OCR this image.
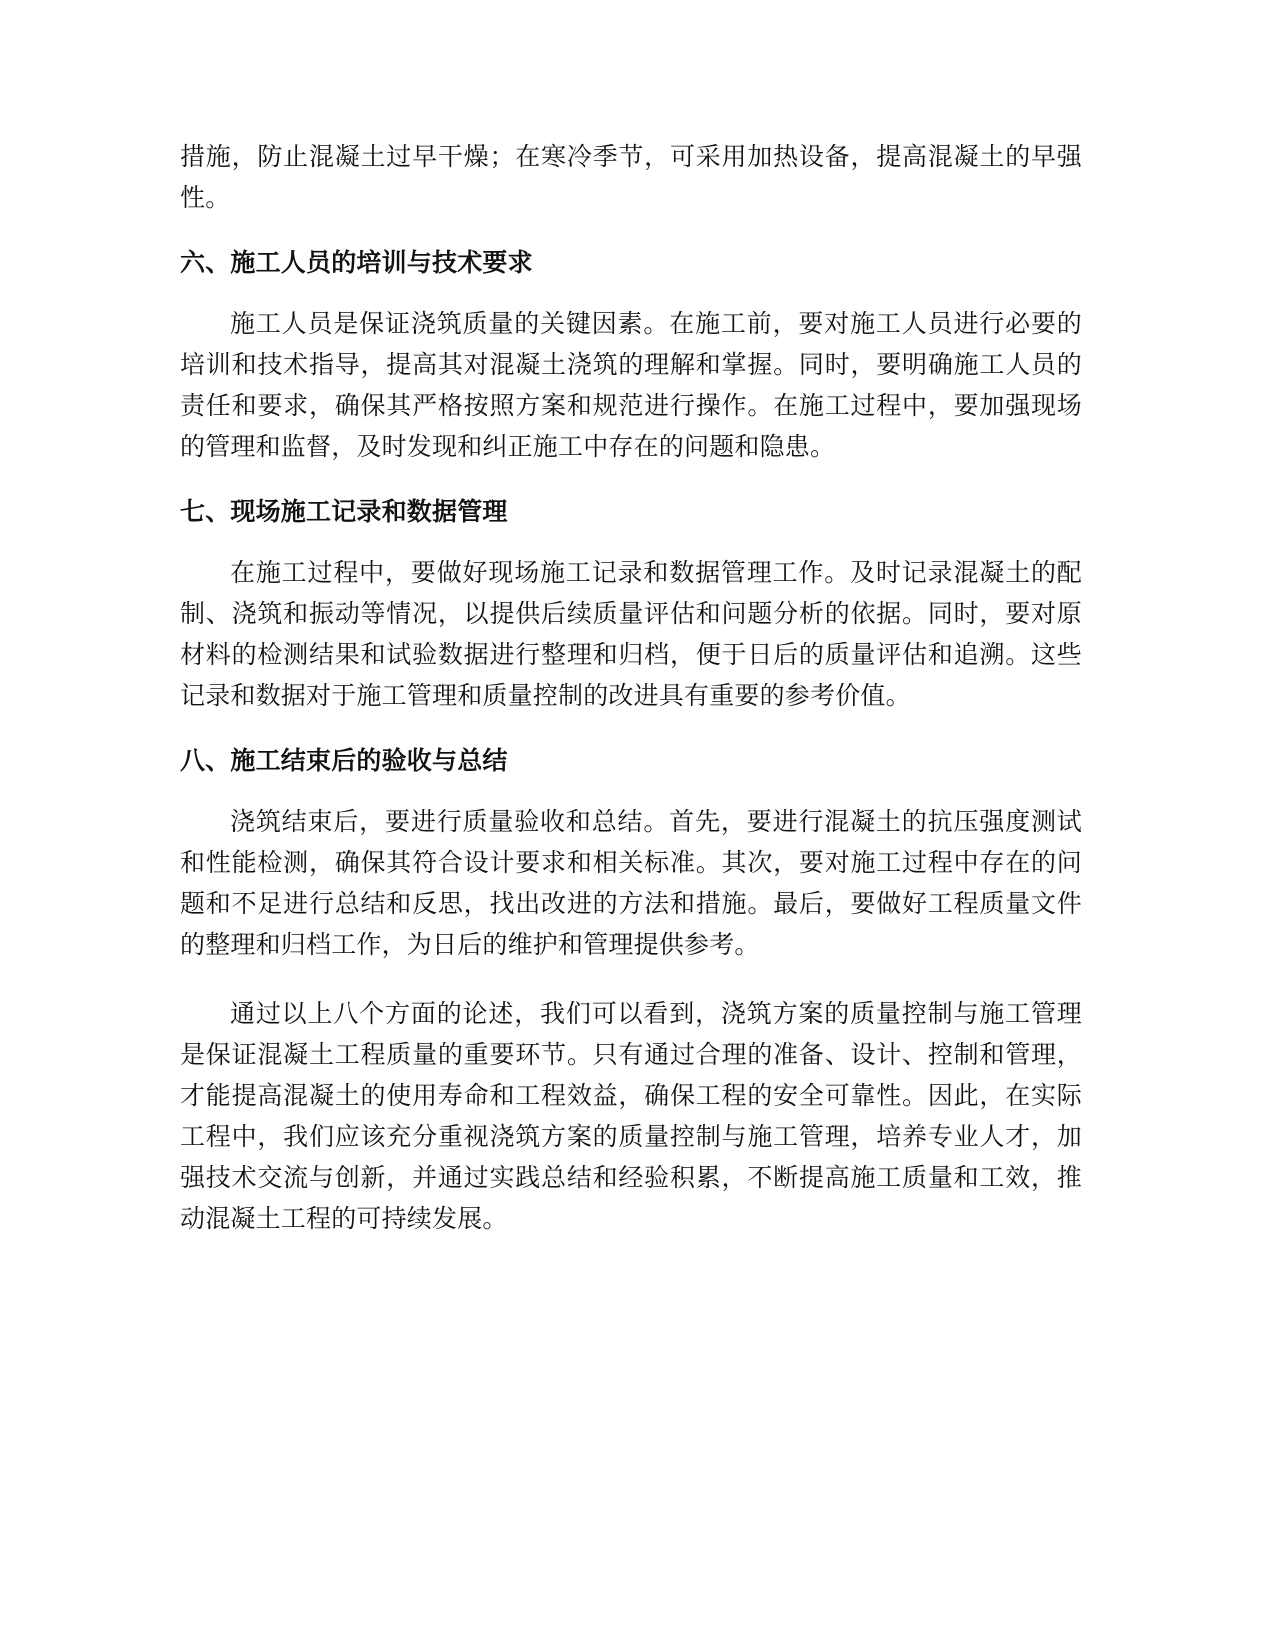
措施，防止混凝土过早干燥；在寒冷季节，可采用加热设备，提高混凝土的早强性。

六、施工人员的培训与技术要求

施工人员是保证浇筑质量的关键因素。在施工前，要对施工人员进行必要的培训和技术指导，提高其对混凝土浇筑的理解和掌握。同时，要明确施工人员的责任和要求，确保其严格按照方案和规范进行操作。在施工过程中，要加强现场的管理和监督，及时发现和纠正施工中存在的问题和隐患。

七、现场施工记录和数据管理

在施工过程中，要做好现场施工记录和数据管理工作。及时记录混凝土的配制、浇筑和振动等情况，以提供后续质量评估和问题分析的依据。同时，要对原材料的检测结果和试验数据进行整理和归档，便于日后的质量评估和追溯。这些记录和数据对于施工管理和质量控制的改进具有重要的参考价值。

八、施工结束后的验收与总结

浇筑结束后，要进行质量验收和总结。首先，要进行混凝土的抗压强度测试和性能检测，确保其符合设计要求和相关标准。其次，要对施工过程中存在的问题和不足进行总结和反思，找出改进的方法和措施。最后，要做好工程质量文件的整理和归档工作，为日后的维护和管理提供参考。

通过以上八个方面的论述，我们可以看到，浇筑方案的质量控制与施工管理是保证混凝土工程质量的重要环节。只有通过合理的准备、设计、控制和管理，才能提高混凝土的使用寿命和工程效益，确保工程的安全可靠性。因此，在实际工程中，我们应该充分重视浇筑方案的质量控制与施工管理，培养专业人才，加强技术交流与创新，并通过实践总结和经验积累，不断提高施工质量和工效，推动混凝土工程的可持续发展。
